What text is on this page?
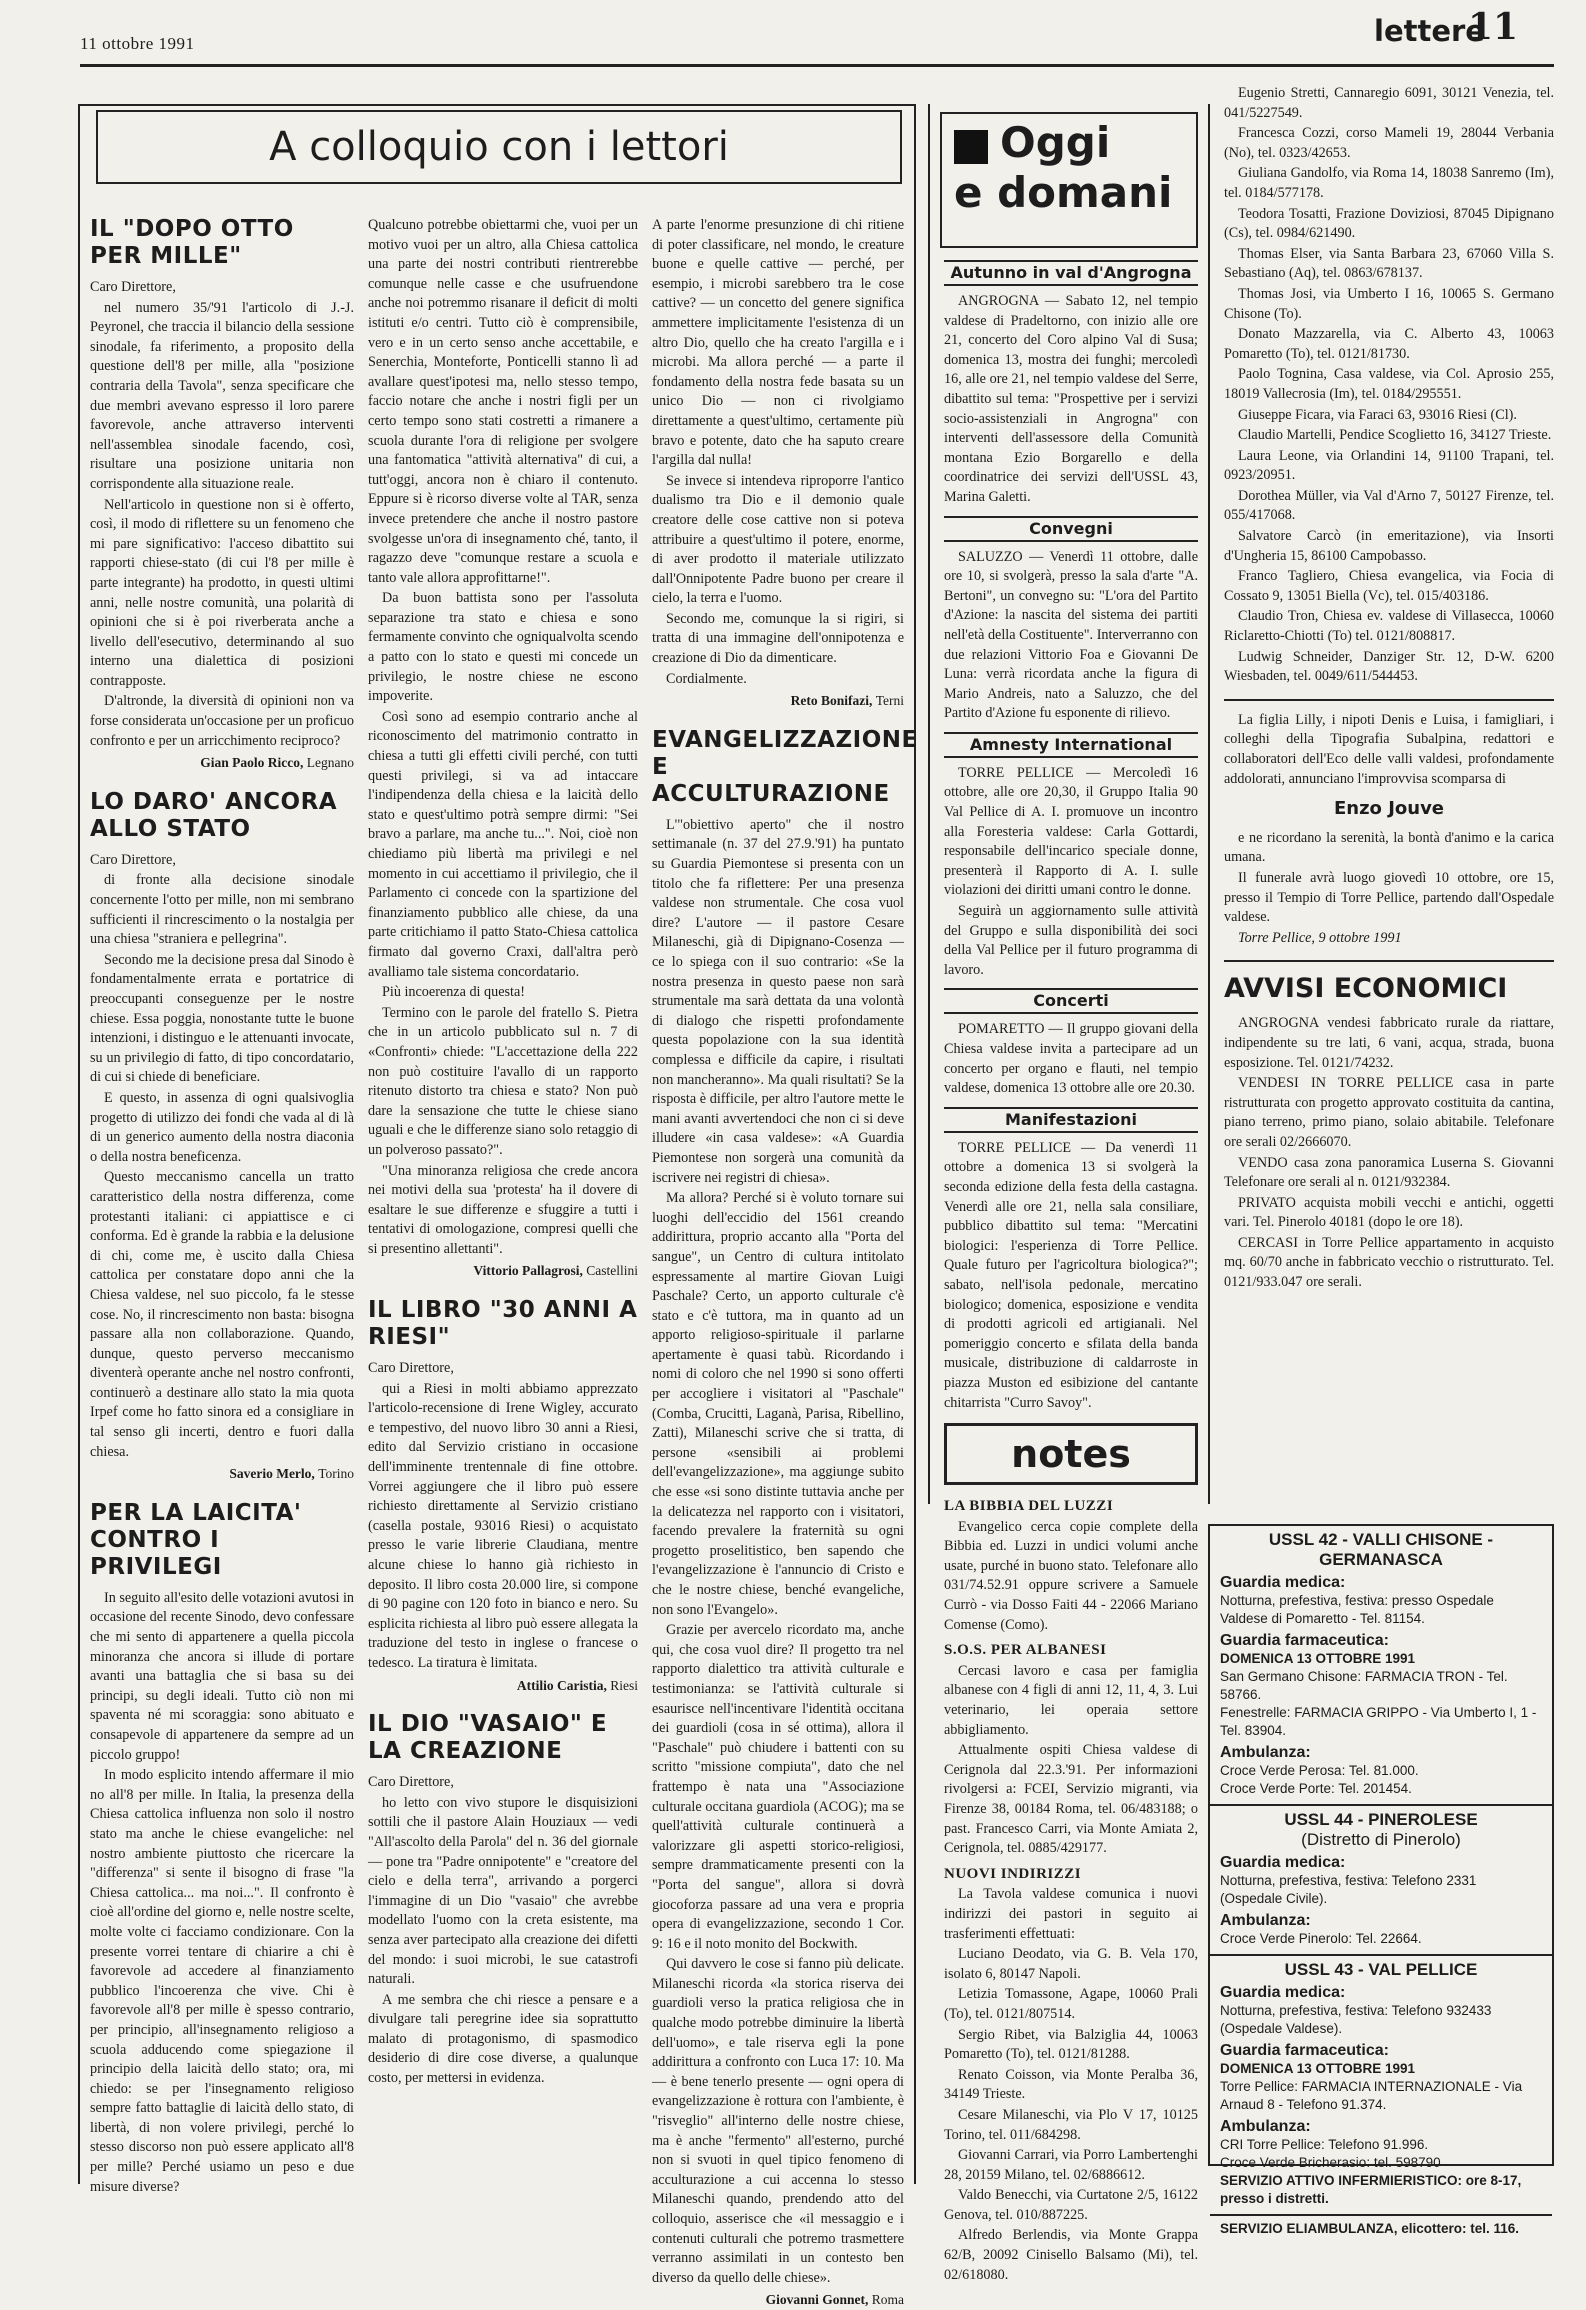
11 ottobre 1991	lettere
11
A colloquio con i lettori
IL "DOPO OTTO PER MILLE"

Caro Direttore,

nel numero 35/'91 l'articolo di J.-J. Peyronel, che traccia il bilancio della sessione sinodale, fa riferimento, a proposito della questione dell'8 per mille, alla "posizione contraria della Tavola", senza specificare che due membri avevano espresso il loro parere favorevole, anche attraverso interventi nell'assemblea sinodale facendo, così, risultare una posizione unitaria non corrispondente alla situazione reale.

Nell'articolo in questione non si è offerto, così, il modo di riflettere su un fenomeno che mi pare significativo: l'acceso dibattito sui rapporti chiese-stato (di cui l'8 per mille è parte integrante) ha prodotto, in questi ultimi anni, nelle nostre comunità, una polarità di opinioni che si è poi riverberata anche a livello dell'esecutivo, determinando al suo interno una dialettica di posizioni contrapposte.

D'altronde, la diversità di opinioni non va forse considerata un'occasione per un proficuo confronto e per un arricchimento reciproco?

Gian Paolo Ricco, Legnano

LO DARO' ANCORA ALLO STATO

Caro Direttore,

di fronte alla decisione sinodale concernente l'otto per mille, non mi sembrano sufficienti il rincrescimento o la nostalgia per una chiesa "straniera e pellegrina".

Secondo me la decisione presa dal Sinodo è fondamentalmente errata e portatrice di preoccupanti conseguenze per le nostre chiese. Essa poggia, nonostante tutte le buone intenzioni, i distinguo e le attenuanti invocate, su un privilegio di fatto, di tipo concordatario, di cui si chiede di beneficiare.

E questo, in assenza di ogni qualsivoglia progetto di utilizzo dei fondi che vada al di là di un generico aumento della nostra diaconia o della nostra beneficenza.

Questo meccanismo cancella un tratto caratteristico della nostra differenza, come protestanti italiani: ci appiattisce e ci conforma. Ed è grande la rabbia e la delusione di chi, come me, è uscito dalla Chiesa cattolica per constatare dopo anni che la Chiesa valdese, nel suo piccolo, fa le stesse cose. No, il rincrescimento non basta: bisogna passare alla non collaborazione. Quando, dunque, questo perverso meccanismo diventerà operante anche nel nostro confronti, continuerò a destinare allo stato la mia quota Irpef come ho fatto sinora ed a consigliare in tal senso gli incerti, dentro e fuori dalla chiesa.

Saverio Merlo, Torino

PER LA LAICITA' CONTRO I PRIVILEGI

In seguito all'esito delle votazioni avutosi in occasione del recente Sinodo, devo confessare che mi sento di appartenere a quella piccola minoranza che ancora si illude di portare avanti una battaglia che si basa su dei principi, su degli ideali. Tutto ciò non mi spaventa né mi scoraggia: sono abituato e consapevole di appartenere da sempre ad un piccolo gruppo!

In modo esplicito intendo affermare il mio no all'8 per mille. In Italia, la presenza della Chiesa cattolica influenza non solo il nostro stato ma anche le chiese evangeliche: nel nostro ambiente piuttosto che ricercare la "differenza" si sente il bisogno di frase "la Chiesa cattolica... ma noi...". Il confronto è cioè all'ordine del giorno e, nelle nostre scelte, molte volte ci facciamo condizionare. Con la presente vorrei tentare di chiarire a chi è favorevole ad accedere al finanziamento pubblico l'incoerenza che vive. Chi è favorevole all'8 per mille è spesso contrario, per principio, all'insegnamento religioso a scuola adducendo come spiegazione il principio della laicità dello stato; ora, mi chiedo: se per l'insegnamento religioso sempre fatto battaglie di laicità dello stato, di libertà, di non volere privilegi, perché lo stesso discorso non può essere applicato all'8 per mille? Perché usiamo un peso e due misure diverse?

Qualcuno potrebbe obiettarmi che, vuoi per un motivo vuoi per un altro, alla Chiesa cattolica una parte dei nostri contributi rientrerebbe comunque nelle casse e che usufruendone anche noi potremmo risanare il deficit di molti istituti e/o centri. Tutto ciò è comprensibile, vero e in un certo senso anche accettabile, e Senerchia, Monteforte, Ponticelli stanno lì ad avallare quest'ipotesi ma, nello stesso tempo, faccio notare che anche i nostri figli per un certo tempo sono stati costretti a rimanere a scuola durante l'ora di religione per svolgere una fantomatica "attività alternativa" di cui, a tutt'oggi, ancora non è chiaro il contenuto. Eppure si è ricorso diverse volte al TAR, senza invece pretendere che anche il nostro pastore svolgesse un'ora di insegnamento ché, tanto, il ragazzo deve "comunque restare a scuola e tanto vale allora approfittarne!".

Da buon battista sono per l'assoluta separazione tra stato e chiesa e sono fermamente convinto che ogniqualvolta scendo a patto con lo stato e questi mi concede un privilegio, le nostre chiese ne escono impoverite.

Così sono ad esempio contrario anche al riconoscimento del matrimonio contratto in chiesa a tutti gli effetti civili perché, con tutti questi privilegi, si va ad intaccare l'indipendenza della chiesa e la laicità dello stato e quest'ultimo potrà sempre dirmi: "Sei bravo a parlare, ma anche tu...". Noi, cioè non chiediamo più libertà ma privilegi e nel momento in cui accettiamo il privilegio, che il Parlamento ci concede con la spartizione del finanziamento pubblico alle chiese, da una parte critichiamo il patto Stato-Chiesa cattolica firmato dal governo Craxi, dall'altra però avalliamo tale sistema concordatario.

Più incoerenza di questa!

Termino con le parole del fratello S. Pietra che in un articolo pubblicato sul n. 7 di «Confronti» chiede: "L'accettazione della 222 non può costituire l'avallo di un rapporto ritenuto distorto tra chiesa e stato? Non può dare la sensazione che tutte le chiese siano uguali e che le differenze siano solo retaggio di un polveroso passato?".

"Una minoranza religiosa che crede ancora nei motivi della sua 'protesta' ha il dovere di esaltare le sue differenze e sfuggire a tutti i tentativi di omologazione, compresi quelli che si presentino allettanti".

Vittorio Pallagrosi, Castellini

IL LIBRO "30 ANNI A RIESI"

Caro Direttore,

qui a Riesi in molti abbiamo apprezzato l'articolo-recensione di Irene Wigley, accurato e tempestivo, del nuovo libro 30 anni a Riesi, edito dal Servizio cristiano in occasione dell'imminente trentennale di fine ottobre. Vorrei aggiungere che il libro può essere richiesto direttamente al Servizio cristiano (casella postale, 93016 Riesi) o acquistato presso le varie librerie Claudiana, mentre alcune chiese lo hanno già richiesto in deposito. Il libro costa 20.000 lire, si compone di 90 pagine con 120 foto in bianco e nero. Su esplicita richiesta al libro può essere allegata la traduzione del testo in inglese o francese o tedesco. La tiratura è limitata.

Attilio Caristia, Riesi

IL DIO "VASAIO" E LA CREAZIONE

Caro Direttore,

ho letto con vivo stupore le disquisizioni sottili che il pastore Alain Houziaux — vedi "All'ascolto della Parola" del n. 36 del giornale — pone tra "Padre onnipotente" e "creatore del cielo e della terra", arrivando a porgerci l'immagine di un Dio "vasaio" che avrebbe modellato l'uomo con la creta esistente, ma senza aver partecipato alla creazione dei difetti del mondo: i suoi microbi, le sue catastrofi naturali.

A me sembra che chi riesce a pensare e a divulgare tali peregrine idee sia soprattutto malato di protagonismo, di spasmodico desiderio di dire cose diverse, a qualunque costo, per mettersi in evidenza.

A parte l'enorme presunzione di chi ritiene di poter classificare, nel mondo, le creature buone e quelle cattive — perché, per esempio, i microbi sarebbero tra le cose cattive? — un concetto del genere significa ammettere implicitamente l'esistenza di un altro Dio, quello che ha creato l'argilla e i microbi. Ma allora perché — a parte il fondamento della nostra fede basata su un unico Dio — non ci rivolgiamo direttamente a quest'ultimo, certamente più bravo e potente, dato che ha saputo creare l'argilla dal nulla!

Se invece si intendeva riproporre l'antico dualismo tra Dio e il demonio quale creatore delle cose cattive non si poteva attribuire a quest'ultimo il potere, enorme, di aver prodotto il materiale utilizzato dall'Onnipotente Padre buono per creare il cielo, la terra e l'uomo.

Secondo me, comunque la si rigiri, si tratta di una immagine dell'onnipotenza e creazione di Dio da dimenticare.

Cordialmente.

Reto Bonifazi, Terni

EVANGELIZZAZIONE E ACCULTURAZIONE

L'"obiettivo aperto" che il nostro settimanale (n. 37 del 27.9.'91) ha puntato su Guardia Piemontese si presenta con un titolo che fa riflettere: Per una presenza valdese non strumentale. Che cosa vuol dire? L'autore — il pastore Cesare Milaneschi, già di Dipignano-Cosenza — ce lo spiega con il suo contrario: «Se la nostra presenza in questo paese non sarà strumentale ma sarà dettata da una volontà di dialogo che rispetti profondamente questa popolazione con la sua identità complessa e difficile da capire, i risultati non mancheranno». Ma quali risultati? Se la risposta è difficile, per altro l'autore mette le mani avanti avvertendoci che non ci si deve illudere «in casa valdese»: «A Guardia Piemontese non sorgerà una comunità da iscrivere nei registri di chiesa».

Ma allora? Perché si è voluto tornare sui luoghi dell'eccidio del 1561 creando addirittura, proprio accanto alla "Porta del sangue", un Centro di cultura intitolato espressamente al martire Giovan Luigi Paschale? Certo, un apporto culturale c'è stato e c'è tuttora, ma in quanto ad un apporto religioso-spirituale il parlarne apertamente è quasi tabù. Ricordando i nomi di coloro che nel 1990 si sono offerti per accogliere i visitatori al "Paschale" (Comba, Crucitti, Laganà, Parisa, Ribellino, Zatti), Milaneschi scrive che si tratta, di persone «sensibili ai problemi dell'evangelizzazione», ma aggiunge subito che esse «si sono distinte tuttavia anche per la delicatezza nel rapporto con i visitatori, facendo prevalere la fraternità su ogni progetto proselitistico, ben sapendo che l'evangelizzazione è l'annuncio di Cristo e che le nostre chiese, benché evangeliche, non sono l'Evangelo».

Grazie per avercelo ricordato ma, anche qui, che cosa vuol dire? Il progetto tra nel rapporto dialettico tra attività culturale e testimonianza: se l'attività culturale si esaurisce nell'incentivare l'identità occitana dei guardioli (cosa in sé ottima), allora il "Paschale" può chiudere i battenti con su scritto "missione compiuta", dato che nel frattempo è nata una "Associazione culturale occitana guardiola (ACOG); ma se quell'attività culturale continuerà a valorizzare gli aspetti storico-religiosi, sempre drammaticamente presenti con la "Porta del sangue", allora si dovrà giocoforza passare ad una vera e propria opera di evangelizzazione, secondo 1 Cor. 9: 16 e il noto monito del Bockwith.

Qui davvero le cose si fanno più delicate. Milaneschi ricorda «la storica riserva dei guardioli verso la pratica religiosa che in qualche modo potrebbe diminuire la libertà dell'uomo», e tale riserva egli la pone addirittura a confronto con Luca 17: 10. Ma — è bene tenerlo presente — ogni opera di evangelizzazione è rottura con l'ambiente, è "risveglio" all'interno delle nostre chiese, ma è anche "fermento" all'esterno, purché non si svuoti in quel tipico fenomeno di acculturazione a cui accenna lo stesso Milaneschi quando, prendendo atto del colloquio, asserisce che «il messaggio e i contenuti culturali che potremo trasmettere verranno assimilati in un contesto ben diverso da quello delle chiese».

Giovanni Gonnet, Roma

Oggi
e domani
Autunno in val d'Angrogna

ANGROGNA — Sabato 12, nel tempio valdese di Pradeltorno, con inizio alle ore 21, concerto del Coro alpino Val di Susa; domenica 13, mostra dei funghi; mercoledì 16, alle ore 21, nel tempio valdese del Serre, dibattito sul tema: "Prospettive per i servizi socio-assistenziali in Angrogna" con interventi dell'assessore della Comunità montana Ezio Borgarello e della coordinatrice dei servizi dell'USSL 43, Marina Galetti.

Convegni

SALUZZO — Venerdì 11 ottobre, dalle ore 10, si svolgerà, presso la sala d'arte "A. Bertoni", un convegno su: "L'ora del Partito d'Azione: la nascita del sistema dei partiti nell'età della Costituente". Interverranno con due relazioni Vittorio Foa e Giovanni De Luna: verrà ricordata anche la figura di Mario Andreis, nato a Saluzzo, che del Partito d'Azione fu esponente di rilievo.

Amnesty International

TORRE PELLICE — Mercoledì 16 ottobre, alle ore 20,30, il Gruppo Italia 90 Val Pellice di A. I. promuove un incontro alla Foresteria valdese: Carla Gottardi, responsabile dell'incarico speciale donne, presenterà il Rapporto di A. I. sulle violazioni dei diritti umani contro le donne.

Seguirà un aggiornamento sulle attività del Gruppo e sulla disponibilità dei soci della Val Pellice per il futuro programma di lavoro.

Concerti

POMARETTO — Il gruppo giovani della Chiesa valdese invita a partecipare ad un concerto per organo e flauti, nel tempio valdese, domenica 13 ottobre alle ore 20.30.

Manifestazioni

TORRE PELLICE — Da venerdì 11 ottobre a domenica 13 si svolgerà la seconda edizione della festa della castagna. Venerdì alle ore 21, nella sala consiliare, pubblico dibattito sul tema: "Mercatini biologici: l'esperienza di Torre Pellice. Quale futuro per l'agricoltura biologica?"; sabato, nell'isola pedonale, mercatino biologico; domenica, esposizione e vendita di prodotti agricoli ed artigianali. Nel pomeriggio concerto e sfilata della banda musicale, distribuzione di caldarroste in piazza Muston ed esibizione del cantante chitarrista "Curro Savoy".

notes

LA BIBBIA DEL LUZZI

Evangelico cerca copie complete della Bibbia ed. Luzzi in undici volumi anche usate, purché in buono stato. Telefonare allo 031/74.52.91 oppure scrivere a Samuele Currò - via Dosso Faiti 44 - 22066 Mariano Comense (Como).

S.O.S. PER ALBANESI

Cercasi lavoro e casa per famiglia albanese con 4 figli di anni 12, 11, 4, 3. Lui veterinario, lei operaia settore abbigliamento.

Attualmente ospiti Chiesa valdese di Cerignola dal 22.3.'91. Per informazioni rivolgersi a: FCEI, Servizio migranti, via Firenze 38, 00184 Roma, tel. 06/483188; o past. Francesco Carri, via Monte Amiata 2, Cerignola, tel. 0885/429177.

NUOVI INDIRIZZI

La Tavola valdese comunica i nuovi indirizzi dei pastori in seguito ai trasferimenti effettuati:

Luciano Deodato, via G. B. Vela 170, isolato 6, 80147 Napoli.

Letizia Tomassone, Agape, 10060 Prali (To), tel. 0121/807514.

Sergio Ribet, via Balziglia 44, 10063 Pomaretto (To), tel. 0121/81288.

Renato Coisson, via Monte Peralba 36, 34149 Trieste.

Cesare Milaneschi, via Plo V 17, 10125 Torino, tel. 011/684298.

Giovanni Carrari, via Porro Lambertenghi 28, 20159 Milano, tel. 02/6886612.

Valdo Benecchi, via Curtatone 2/5, 16122 Genova, tel. 010/887225.

Alfredo Berlendis, via Monte Grappa 62/B, 20092 Cinisello Balsamo (Mi), tel. 02/618080.

Eugenio Stretti, Cannaregio 6091, 30121 Venezia, tel. 041/5227549.

Francesca Cozzi, corso Mameli 19, 28044 Verbania (No), tel. 0323/42653.

Giuliana Gandolfo, via Roma 14, 18038 Sanremo (Im), tel. 0184/577178.

Teodora Tosatti, Frazione Doviziosi, 87045 Dipignano (Cs), tel. 0984/621490.

Thomas Elser, via Santa Barbara 23, 67060 Villa S. Sebastiano (Aq), tel. 0863/678137.

Thomas Josi, via Umberto I 16, 10065 S. Germano Chisone (To).

Donato Mazzarella, via C. Alberto 43, 10063 Pomaretto (To), tel. 0121/81730.

Paolo Tognina, Casa valdese, via Col. Aprosio 255, 18019 Vallecrosia (Im), tel. 0184/295551.

Giuseppe Ficara, via Faraci 63, 93016 Riesi (Cl).

Claudio Martelli, Pendice Scoglietto 16, 34127 Trieste.

Laura Leone, via Orlandini 14, 91100 Trapani, tel. 0923/20951.

Dorothea Müller, via Val d'Arno 7, 50127 Firenze, tel. 055/417068.

Salvatore Carcò (in emeritazione), via Insorti d'Ungheria 15, 86100 Campobasso.

Franco Tagliero, Chiesa evangelica, via Focia di Cossato 9, 13051 Biella (Vc), tel. 015/403186.

Claudio Tron, Chiesa ev. valdese di Villasecca, 10060 Riclaretto-Chiotti (To) tel. 0121/808817.

Ludwig Schneider, Danziger Str. 12, D-W. 6200 Wiesbaden, tel. 0049/611/544453.

La figlia Lilly, i nipoti Denis e Luisa, i famigliari, i colleghi della Tipografia Subalpina, redattori e collaboratori dell'Eco delle valli valdesi, profondamente addolorati, annunciano l'improvvisa scomparsa di

Enzo Jouve

e ne ricordano la serenità, la bontà d'animo e la carica umana.

Il funerale avrà luogo giovedì 10 ottobre, ore 15, presso il Tempio di Torre Pellice, partendo dall'Ospedale valdese.

Torre Pellice, 9 ottobre 1991

AVVISI ECONOMICI

ANGROGNA vendesi fabbricato rurale da riattare, indipendente su tre lati, 6 vani, acqua, strada, buona esposizione. Tel. 0121/74232.

VENDESI IN TORRE PELLICE casa in parte ristrutturata con progetto approvato costituita da cantina, piano terreno, primo piano, solaio abitabile. Telefonare ore serali 02/2666070.

VENDO casa zona panoramica Luserna S. Giovanni Telefonare ore serali al n. 0121/932384.

PRIVATO acquista mobili vecchi e antichi, oggetti vari. Tel. Pinerolo 40181 (dopo le ore 18).

CERCASI in Torre Pellice appartamento in acquisto mq. 60/70 anche in fabbricato vecchio o ristrutturato. Tel. 0121/933.047 ore serali.

USSL 42 - VALLI CHISONE - GERMANASCA
Guardia medica:
Notturna, prefestiva, festiva: presso Ospedale Valdese di Pomaretto - Tel. 81154.
Guardia farmaceutica:
DOMENICA 13 OTTOBRE 1991
San Germano Chisone: FARMACIA TRON - Tel. 58766.
Fenestrelle: FARMACIA GRIPPO - Via Umberto I, 1 - Tel. 83904.
Ambulanza:
Croce Verde Perosa: Tel. 81.000.
Croce Verde Porte: Tel. 201454.
USSL 44 - PINEROLESE
(Distretto di Pinerolo)
Guardia medica:
Notturna, prefestiva, festiva: Telefono 2331 (Ospedale Civile).
Ambulanza:
Croce Verde Pinerolo: Tel. 22664.
USSL 43 - VAL PELLICE
Guardia medica:
Notturna, prefestiva, festiva: Telefono 932433 (Ospedale Valdese).
Guardia farmaceutica:
DOMENICA 13 OTTOBRE 1991
Torre Pellice: FARMACIA INTERNAZIONALE - Via Arnaud 8 - Telefono 91.374.
Ambulanza:
CRI Torre Pellice: Telefono 91.996.
Croce Verde Bricherasio: tel. 598790
SERVIZIO ATTIVO INFERMIERISTICO: ore 8-17, presso i distretti.
SERVIZIO ELIAMBULANZA, elicottero: tel. 116.
